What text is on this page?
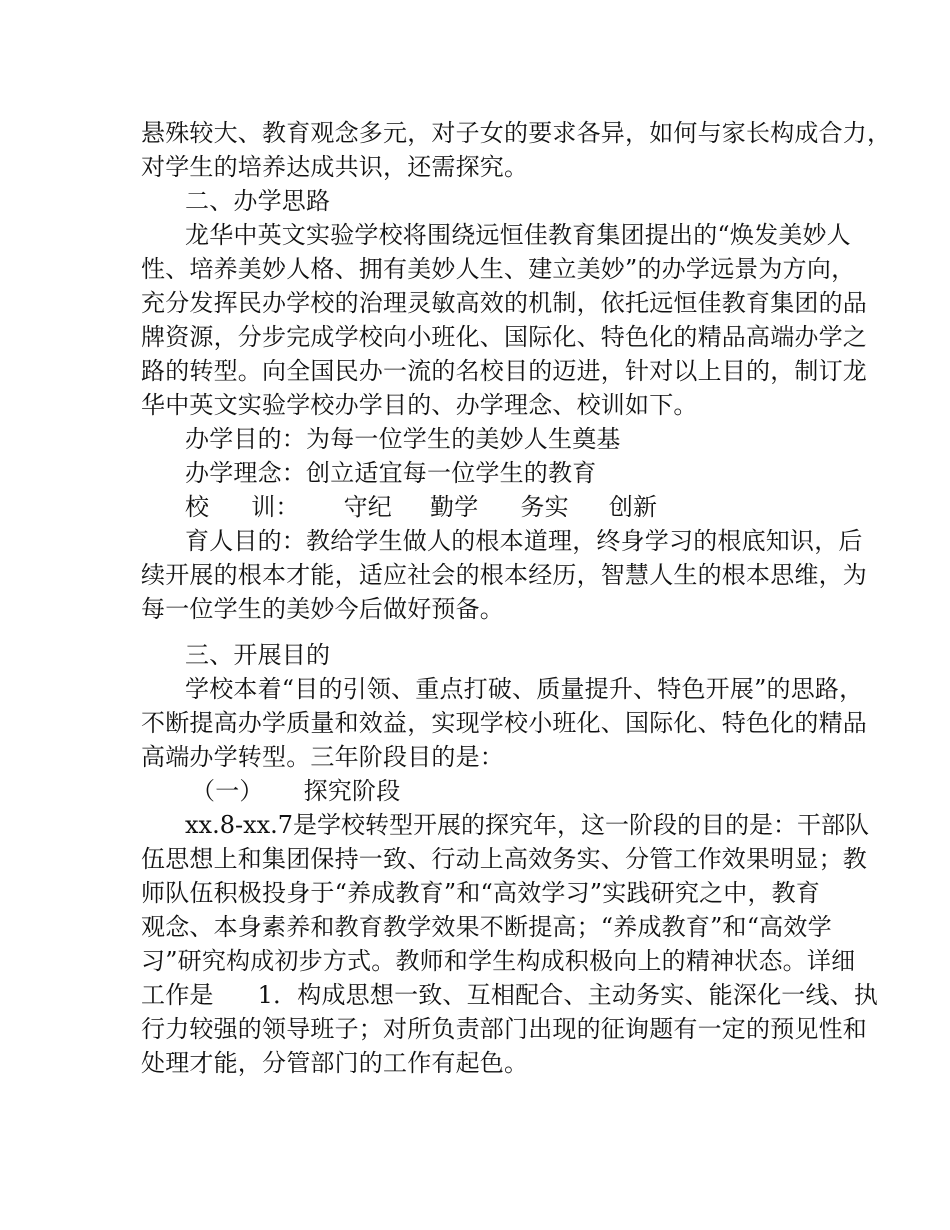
悬殊较大、教育观念多元，对子女的要求各异，如何与家长构成合力，
对学生的培养达成共识，还需探究。
二、办学思路
龙华中英文实验学校将围绕远恒佳教育集团提出的“焕发美妙人
性、培养美妙人格、拥有美妙人生、建立美妙”的办学远景为方向，
充分发挥民办学校的治理灵敏高效的机制，依托远恒佳教育集团的品
牌资源，分步完成学校向小班化、国际化、特色化的精品高端办学之
路的转型。向全国民办一流的名校目的迈进，针对以上目的，制订龙
华中英文实验学校办学目的、办学理念、校训如下。
办学目的：为每一位学生的美妙人生奠基
办学理念：创立适宜每一位学生的教育
校 训： 守纪 勤学 务实 创新
育人目的：教给学生做人的根本道理，终身学习的根底知识，后
续开展的根本才能，适应社会的根本经历，智慧人生的根本思维，为
每一位学生的美妙今后做好预备。
三、开展目的
学校本着“目的引领、重点打破、质量提升、特色开展”的思路，
不断提高办学质量和效益，实现学校小班化、国际化、特色化的精品
高端办学转型。三年阶段目的是：
（一） 探究阶段
xx.8-xx.7是学校转型开展的探究年，这一阶段的目的是：干部队
伍思想上和集团保持一致、行动上高效务实、分管工作效果明显；教
师队伍积极投身于“养成教育”和“高效学习”实践研究之中，教育
观念、本身素养和教育教学效果不断提高；“养成教育”和“高效学
习”研究构成初步方式。教师和学生构成积极向上的精神状态。详细
工作是 1．构成思想一致、互相配合、主动务实、能深化一线、执
行力较强的领导班子；对所负责部门出现的征询题有一定的预见性和
处理才能，分管部门的工作有起色。
